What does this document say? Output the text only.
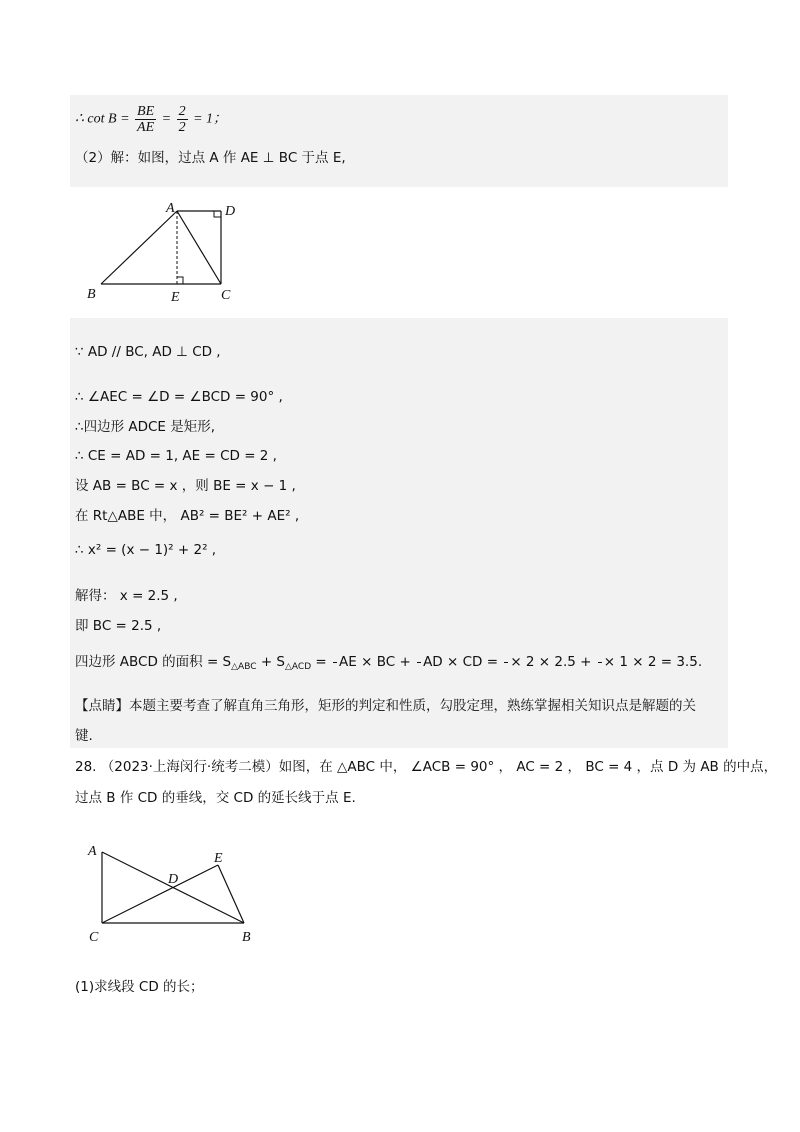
∴ $\cot B = \frac{BE}{AE} = \frac{2}{2} = 1$；
（2）解：如图，过点 A 作 AE ⊥ BC 于点 E,
A	D
B	E	C
∵ AD // BC, AD ⊥ CD ,
∴ ∠AEC = ∠D = ∠BCD = 90° ,
∴四边形 ADCE 是矩形,
∴ CE = AD = 1, AE = CD = 2 ,
设 AB = BC = x ，则 BE = x − 1 ,
在 Rt△ABE 中， AB² = BE² + AE² ,
∴ x² = (x − 1)² + 2² ,
解得： x = 2.5 ,
即 BC = 2.5 ,
四边形 ABCD 的面积 = $S_{\triangle ABC} + S_{\triangle ACD}$ =
AE × BC +
AD × CD =
× 2 × 2.5 +
× 1 × 2 = 3.5.
【点睛】本题主要考查了解直角三角形，矩形的判定和性质，勾股定理，熟练掌握相关知识点是解题的关
键.
28. （2023·上海闵行·统考二模）如图，在 △ABC 中， ∠ACB = 90° ， AC = 2 ， BC = 4 ，点 D 为 AB 的中点，
过点 B 作 CD 的垂线，交 CD 的延长线于点 E.
A	E
D
C	B
(1)求线段 CD 的长；
